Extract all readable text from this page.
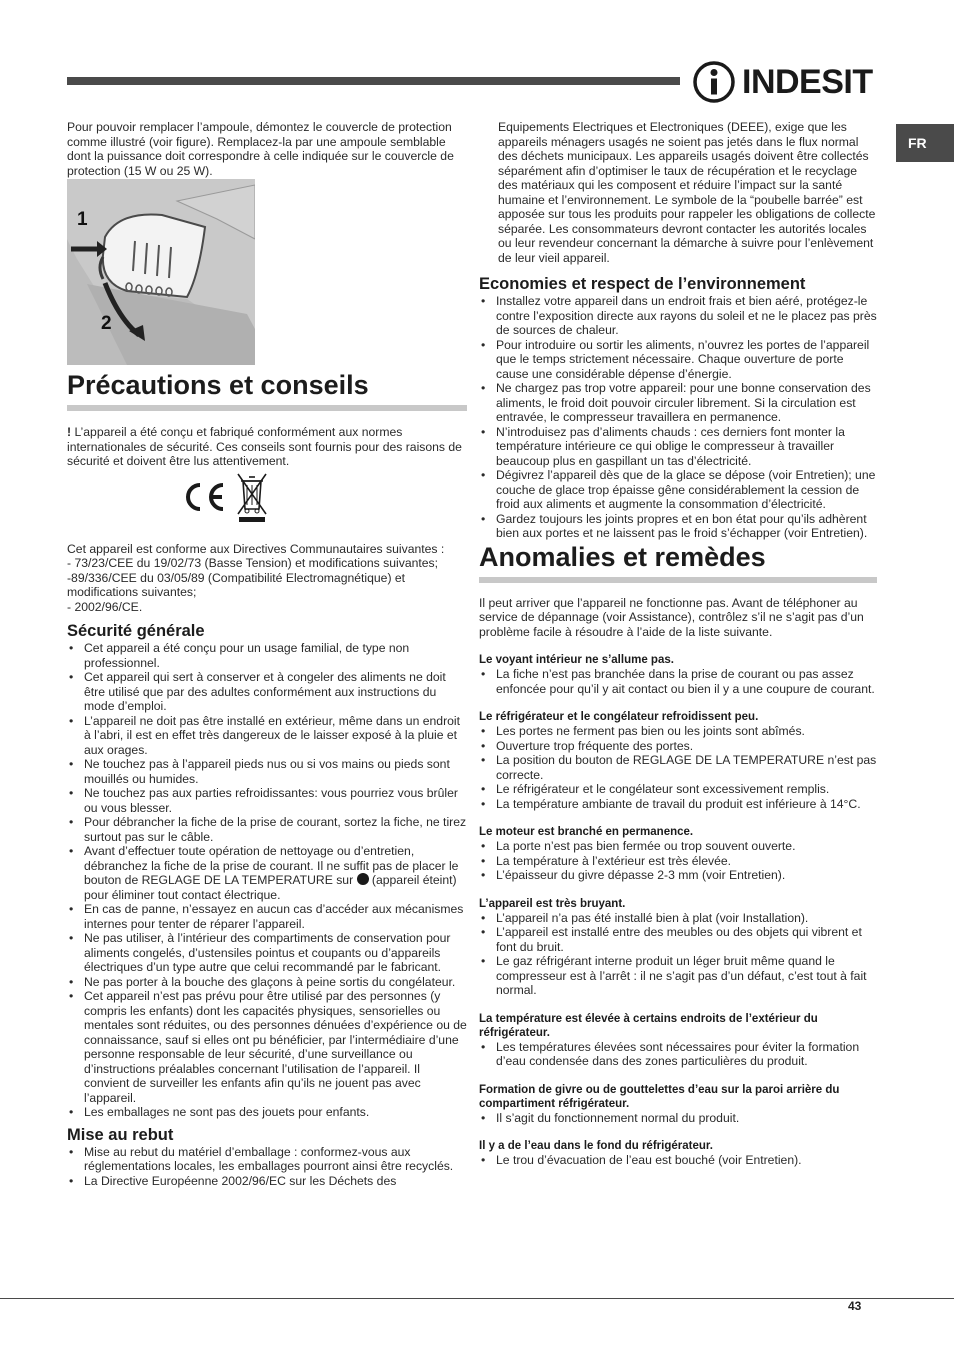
INDESIT
FR

Pour pouvoir remplacer l’ampoule, démontez le couvercle de protection comme illustré (voir figure). Remplacez-la par une ampoule semblable dont la puissance doit correspondre à celle indiquée sur le couvercle de protection (15 W ou 25 W).

1
2

Précautions et conseils

! L’appareil a été conçu et fabriqué conformément aux normes internationales de sécurité. Ces conseils sont fournis pour des raisons de sécurité et doivent être lus attentivement.

Cet appareil est conforme aux Directives Communautaires suivantes :

- 73/23/CEE du 19/02/73 (Basse Tension) et modifications suivantes;

-89/336/CEE du 03/05/89 (Compatibilité Electromagnétique) et modifications suivantes;

- 2002/96/CE.

Sécurité générale

• Cet appareil a été conçu pour un usage familial, de type non professionnel.
• Cet appareil qui sert à conserver et à congeler des aliments ne doit être utilisé que par des adultes conformément aux instructions du mode d’emploi.
• L’appareil ne doit pas être installé en extérieur, même dans un endroit à l’abri, il est en effet très dangereux de le laisser exposé à la pluie et aux orages.
• Ne touchez pas à l’appareil pieds nus ou si vos mains ou pieds sont mouillés ou humides.
• Ne touchez pas aux parties refroidissantes: vous pourriez vous brûler ou vous blesser.
• Pour débrancher la fiche de la prise de courant, sortez la fiche, ne tirez surtout pas sur le câble.
• Avant d’effectuer toute opération de nettoyage ou d’entretien, débranchez la fiche de la prise de courant. Il ne suffit pas de placer le bouton de REGLAGE DE LA TEMPERATURE sur  (appareil éteint) pour éliminer tout contact électrique.
• En cas de panne, n’essayez en aucun cas d’accéder aux mécanismes internes pour tenter de réparer l’appareil.
• Ne pas utiliser, à l’intérieur des compartiments de conservation pour aliments congelés, d’ustensiles pointus et coupants ou d’appareils électriques d’un type autre que celui recommandé par le fabricant.
• Ne pas porter à la bouche des glaçons à peine sortis du congélateur.
• Cet appareil n’est pas prévu pour être utilisé par des personnes (y compris les enfants) dont les capacités physiques, sensorielles ou mentales sont réduites, ou des personnes dénuées d’expérience ou de connaissance, sauf si elles ont pu bénéficier, par l’intermédiaire d’une personne responsable de leur sécurité, d’une surveillance ou d’instructions préalables concernant l’utilisation de l’appareil. Il convient de surveiller les enfants afin qu’ils ne jouent pas avec l’appareil.
• Les emballages ne sont pas des jouets pour enfants.

Mise au rebut

• Mise au rebut du matériel d’emballage : conformez-vous aux réglementations locales, les emballages pourront ainsi être recyclés.
• La Directive Européenne 2002/96/EC sur les Déchets des

Equipements Electriques et Electroniques (DEEE), exige que les appareils ménagers usagés ne soient pas jetés dans le flux normal des déchets municipaux. Les appareils usagés doivent être collectés séparément afin d’optimiser le taux de récupération et le recyclage des matériaux qui les composent et réduire l’impact sur la santé humaine et l’environnement. Le symbole de la “poubelle barrée” est apposée sur tous les produits pour rappeler les obligations de collecte séparée. Les consommateurs devront contacter les autorités locales ou leur revendeur concernant la démarche à suivre pour l’enlèvement de leur vieil appareil.

Economies et respect de l’environnement

• Installez votre appareil dans un endroit frais et bien aéré, protégez-le contre l’exposition directe aux rayons du soleil et ne le placez pas près de sources de chaleur.
• Pour introduire ou sortir les aliments, n’ouvrez les portes de l’appareil que le temps strictement nécessaire. Chaque ouverture de porte cause une considérable dépense d’énergie.
• Ne chargez pas trop votre appareil: pour une bonne conservation des aliments, le froid doit pouvoir circuler librement. Si la circulation est entravée, le compresseur travaillera en permanence.
• N’introduisez pas d’aliments chauds : ces derniers font monter la température intérieure ce qui oblige le compresseur à travailler beaucoup plus en gaspillant un tas d’électricité.
• Dégivrez l’appareil dès que de la glace se dépose (voir Entretien); une couche de glace trop épaisse gêne considérablement la cession de froid aux aliments et augmente la consommation d’électricité.
• Gardez toujours les joints propres et en bon état pour qu’ils adhèrent bien aux portes et ne laissent pas le froid s’échapper (voir Entretien).

Anomalies et remèdes

Il peut arriver que l’appareil ne fonctionne pas. Avant de téléphoner au service de dépannage (voir Assistance), contrôlez s’il ne s’agit pas d’un problème facile à résoudre à l’aide de la liste suivante.

Le voyant intérieur ne s’allume pas.

• La fiche n’est pas branchée dans la prise de courant ou pas assez enfoncée pour qu’il y ait contact ou bien il y a une coupure de courant.

Le réfrigérateur et le congélateur refroidissent peu.

• Les portes ne ferment pas bien ou les joints sont abîmés.
• Ouverture trop fréquente des portes.
• La position du bouton de REGLAGE DE LA TEMPERATURE n’est pas correcte.
• Le réfrigérateur et le congélateur sont excessivement remplis.
• La température ambiante de travail du produit est inférieure à 14°C.

Le moteur est branché en permanence.

• La porte n’est pas bien fermée ou trop souvent ouverte.
• La température à l’extérieur est très élevée.
• L’épaisseur du givre dépasse 2-3 mm (voir Entretien).

L’appareil est très bruyant.

• L’appareil n’a pas été installé bien à plat (voir Installation).
• L’appareil est installé entre des meubles ou des objets qui vibrent et font du bruit.
• Le gaz réfrigérant interne produit un léger bruit même quand le compresseur est à l’arrêt : il ne s’agit pas d’un défaut, c’est tout à fait normal.

La température est élevée à certains endroits de l’extérieur du réfrigérateur.

• Les températures élevées sont nécessaires pour éviter la formation d’eau condensée dans des zones particulières du produit.

Formation de givre ou de gouttelettes d’eau sur la paroi arrière du compartiment réfrigérateur.

• Il s’agit du fonctionnement normal du produit.

Il y a de l’eau dans le fond du réfrigérateur.

• Le trou d’évacuation de l’eau est bouché (voir Entretien).
43
